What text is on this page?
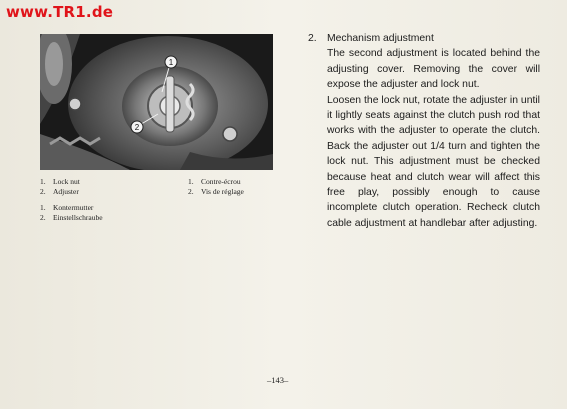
www.TR1.de
1
2
1. Lock nut
2. Adjuster
1. Kontermutter
2. Einstellschraube
1. Contre-écrou
2. Vis de réglage
2. Mechanism adjustment
The second adjustment is located behind the adjusting cover. Removing the cover will expose the adjuster and lock nut.
Loosen the lock nut, rotate the adjuster in until it lightly seats against the clutch push rod that works with the adjuster to operate the clutch. Back the adjuster out 1/4 turn and tighten the lock nut. This adjustment must be checked because heat and clutch wear will affect this free play, possibly enough to cause incomplete clutch operation. Recheck clutch cable adjustment at handlebar after adjusting.
–143–
